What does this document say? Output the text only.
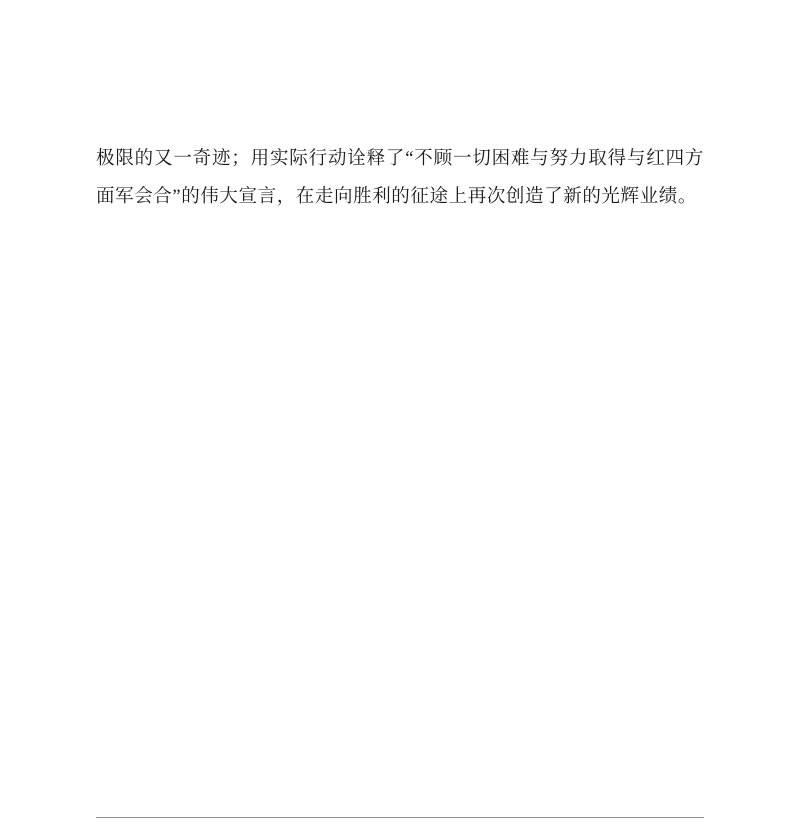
极限的又一奇迹；用实际行动诠释了“不顾一切困难与努力取得与红四方面军会合”的伟大宣言，在走向胜利的征途上再次创造了新的光辉业绩。
